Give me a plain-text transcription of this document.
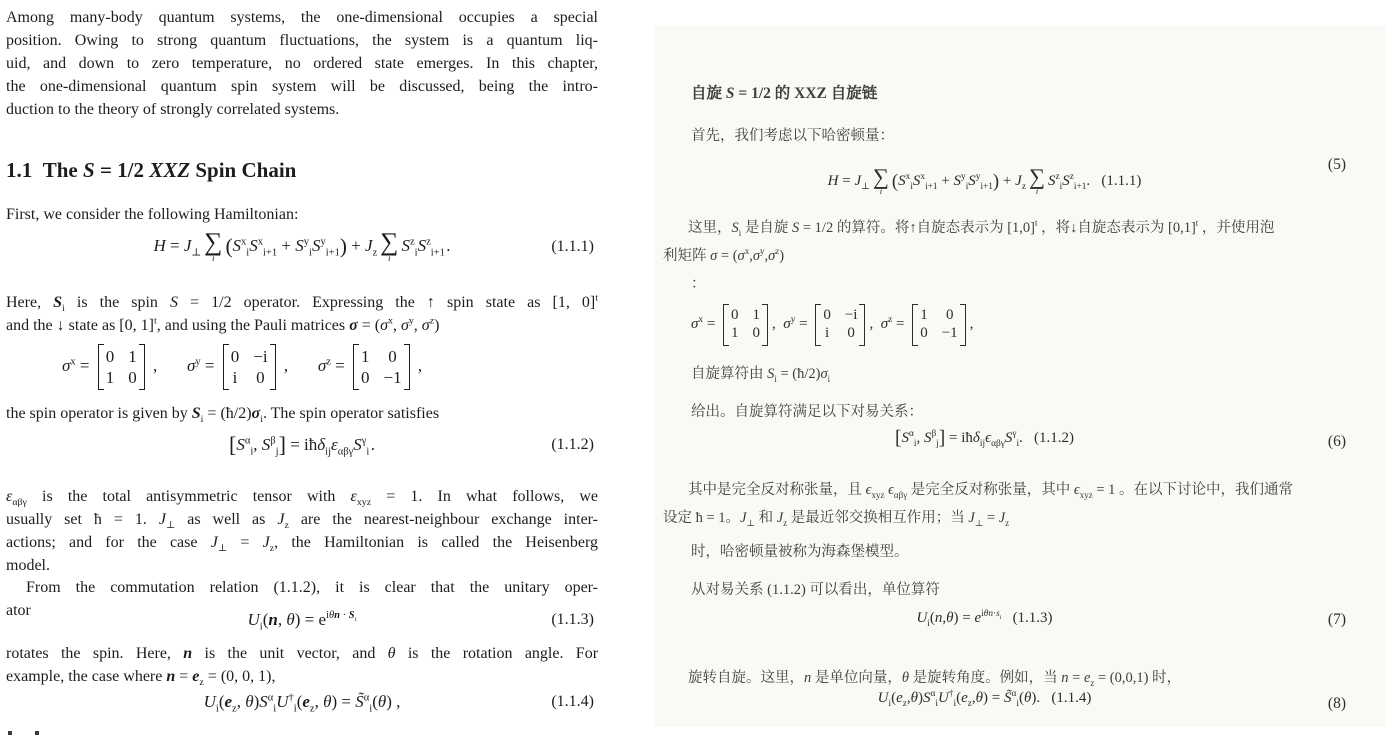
Among many-body quantum systems, the one-dimensional occupies a special
position. Owing to strong quantum fluctuations, the system is a quantum liq-
uid, and down to zero temperature, no ordered state emerges. In this chapter,
the one-dimensional quantum spin system will be discussed, being the intro-
duction to the theory of strongly correlated systems.
1.1  The S = 1/2 XXZ Spin Chain
First, we consider the following Hamiltonian:
$H = J_\perp$ ∑
i
$(S^x_iS^x_{i+1} + S^y_iS^y_{i+1}) + J_z$ ∑
i
$S^z_iS^z_{i+1}$ .	(1.1.1)
Here, $S_i$ is the spin S = 1/2 operator. Expressing the ↑ spin state as [1, 0]$^t$
and the ↓ state as [0, 1]$^t$, and using the Pauli matrices $\sigma = (\sigma^x$, $\sigma^y$, $\sigma^z$)
$\sigma^x = 0$ 1
1 0
,       $\sigma^y = 0 -i$
i 0
,       $\sigma^z = 1$ 0
0 −1
,
the spin operator is given by $S_i$ = $(ħ/2)\sigma_i$. The spin operator satisfies
[$S^\alpha_i$, $S^\beta_j$] = $iħ\delta_{ij}\varepsilon_{\alpha\beta\gamma}S^\gamma_i$ .	(1.1.2)
$\varepsilon_{\alpha\beta\gamma}$ is the total antisymmetric tensor with $\varepsilon_{xyz} = 1$. In what follows, we
usually set ħ = 1. $J_\perp$ as well as $J_z$ are the nearest-neighbour exchange inter-
actions; and for the case $J_\perp = J_z$, the Hamiltonian is called the Heisenberg
model.
From the commutation relation (1.1.2), it is clear that the unitary oper-
ator	$U_i(n$, $\theta) = e^{i\theta n \cdot S_i}$	(1.1.3)
rotates the spin. Here, n is the unit vector, and θ is the rotation angle. For
example, the case where $n = e_z = (0$, 0, 1),
$U_i(e_z$, $\theta)S^\alpha_iU^\dagger_i(e_z$, θ) = S̃$^\alpha_i$(θ) ,	(1.1.4)
自旋 S = 1/2 的 XXZ 自旋链
首先，我们考虑以下哈密顿量：
$H = J_\perp$ ∑
i
$(S^x_iS^x_{i+1} + S^y_iS^y_{i+1}) + J_z$ ∑
i
$S^z_iS^z_{i+1}$.   (1.1.1)
(5)
这里，$S_i$ 是自旋 S = 1/2 的算符。将↑自旋态表示为 $[1,0]^t$ ，将↓自旋态表示为 $[0,1]^t$ ，并使用泡
利矩阵 $\sigma = (\sigma^x,\sigma^y,\sigma^z)$
：
$\sigma^x$ =
0 1
1 0
,  $\sigma^y$ =
0 −i
i 0
,  $\sigma^z$ =
1 0
0 −1
,
自旋算符由 $S_i$ = $(ħ/2)\sigma_i$
给出。自旋算符满足以下对易关系：
[$S^\alpha_i$, $S^\beta_j$] = $iħ\delta_{ij}\epsilon_{\alpha\beta\gamma}S^\gamma_i$.   (1.1.2)	(6)
其中是完全反对称张量，且 $\epsilon_{xyz}$ $\epsilon_{\alpha\beta\gamma}$ 是完全反对称张量，其中 $\epsilon_{xyz} = 1$ 。在以下讨论中，我们通常
设定 ħ = 1。$J_\perp$ 和 $J_z$ 是最近邻交换相互作用；当 $J_\perp = J_z$
时，哈密顿量被称为海森堡模型。
从对易关系 (1.1.2) 可以看出，单位算符
$U_i(n,\theta) = e^{i\theta n\cdot s_i}$   (1.1.3)	(7)
旋转自旋。这里，n 是单位向量，θ 是旋转角度。例如，当 $n = e_z = (0,0,1)$ 时，
$U_i(e_z,\theta)S^\alpha_iU^\dagger_i(e_z,\theta)$ = S̃$^\alpha_i$(θ).   (1.1.4)	(8)
